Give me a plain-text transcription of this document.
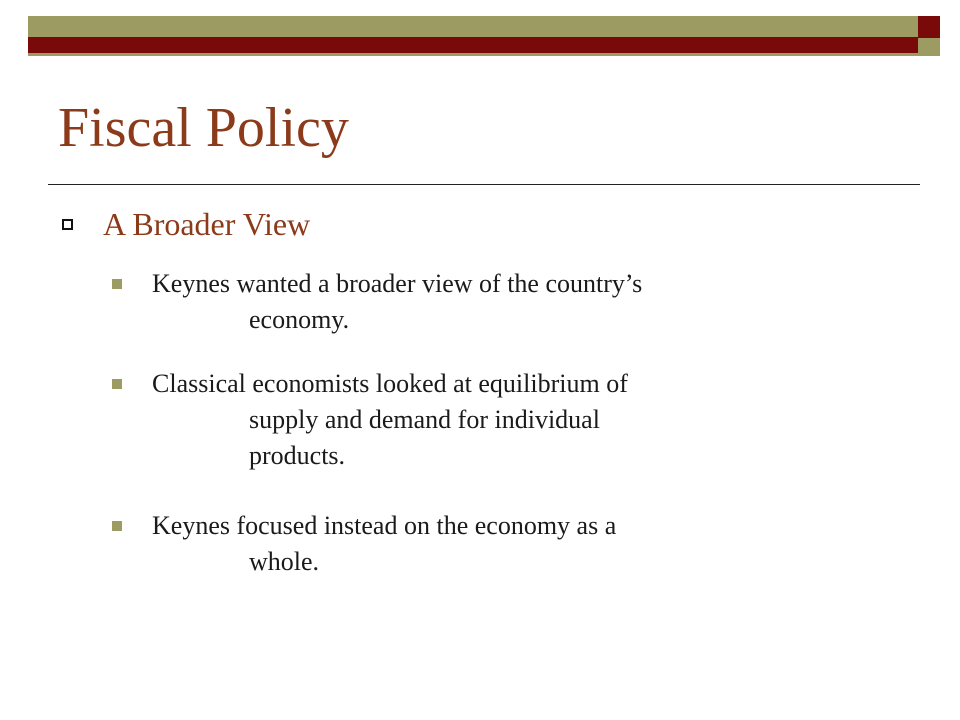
Fiscal Policy
A Broader View
Keynes wanted a broader view of the country’s
economy.
Classical economists looked at equilibrium of
supply and demand for individual
products.
Keynes focused instead on the economy as a
whole.
